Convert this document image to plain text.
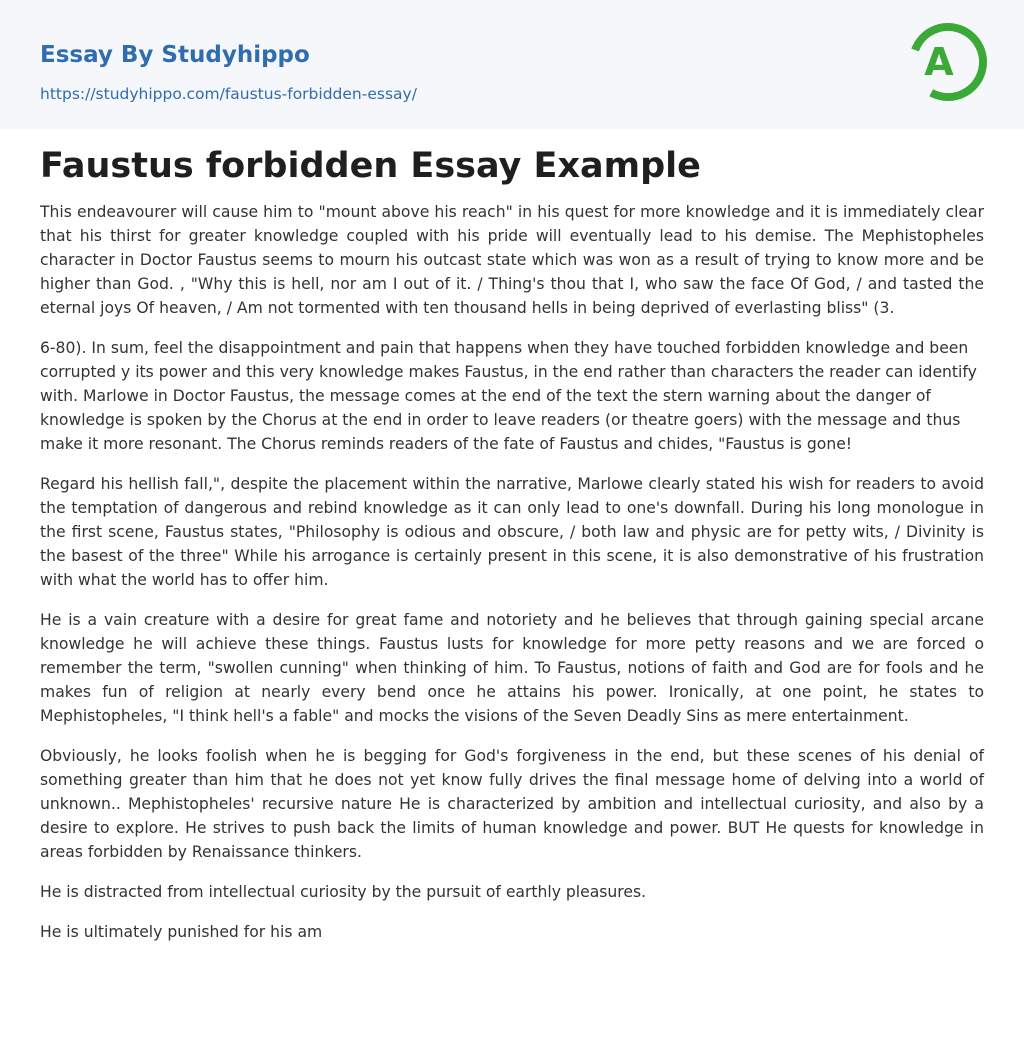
Essay By Studyhippo
https://studyhippo.com/faustus-forbidden-essay/
A
Faustus forbidden Essay Example

This endeavourer will cause him to "mount above his reach" in his quest for more knowledge and it is immediately clear that his thirst for greater knowledge coupled with his pride will eventually lead to his demise. The Mephistopheles character in Doctor Faustus seems to mourn his outcast state which was won as a result of trying to know more and be higher than God. , "Why this is hell, nor am I out of it. / Thing's thou that I, who saw the face Of God, / and tasted the eternal joys Of heaven, / Am not tormented with ten thousand hells in being deprived of everlasting bliss" (3.

6-80). In sum, feel the disappointment and pain that happens when they have touched forbidden knowledge and been corrupted y its power and this very knowledge makes Faustus, in the end rather than characters the reader can identify with. Marlowe in Doctor Faustus, the message comes at the end of the text the stern warning about the danger of knowledge is spoken by the Chorus at the end in order to leave readers (or theatre goers) with the message and thus make it more resonant. The Chorus reminds readers of the fate of Faustus and chides, "Faustus is gone!

Regard his hellish fall,", despite the placement within the narrative, Marlowe clearly stated his wish for readers to avoid the temptation of dangerous and rebind knowledge as it can only lead to one's downfall. During his long monologue in the first scene, Faustus states, "Philosophy is odious and obscure, / both law and physic are for petty wits, / Divinity is the basest of the three" While his arrogance is certainly present in this scene, it is also demonstrative of his frustration with what the world has to offer him.

He is a vain creature with a desire for great fame and notoriety and he believes that through gaining special arcane knowledge he will achieve these things. Faustus lusts for knowledge for more petty reasons and we are forced o remember the term, "swollen cunning" when thinking of him. To Faustus, notions of faith and God are for fools and he makes fun of religion at nearly every bend once he attains his power. Ironically, at one point, he states to Mephistopheles, "I think hell's a fable" and mocks the visions of the Seven Deadly Sins as mere entertainment.

Obviously, he looks foolish when he is begging for God's forgiveness in the end, but these scenes of his denial of something greater than him that he does not yet know fully drives the final message home of delving into a world of unknown.. Mephistopheles' recursive nature He is characterized by ambition and intellectual curiosity, and also by a desire to explore. He strives to push back the limits of human knowledge and power. BUT He quests for knowledge in areas forbidden by Renaissance thinkers.

He is distracted from intellectual curiosity by the pursuit of earthly pleasures.

He is ultimately punished for his am
